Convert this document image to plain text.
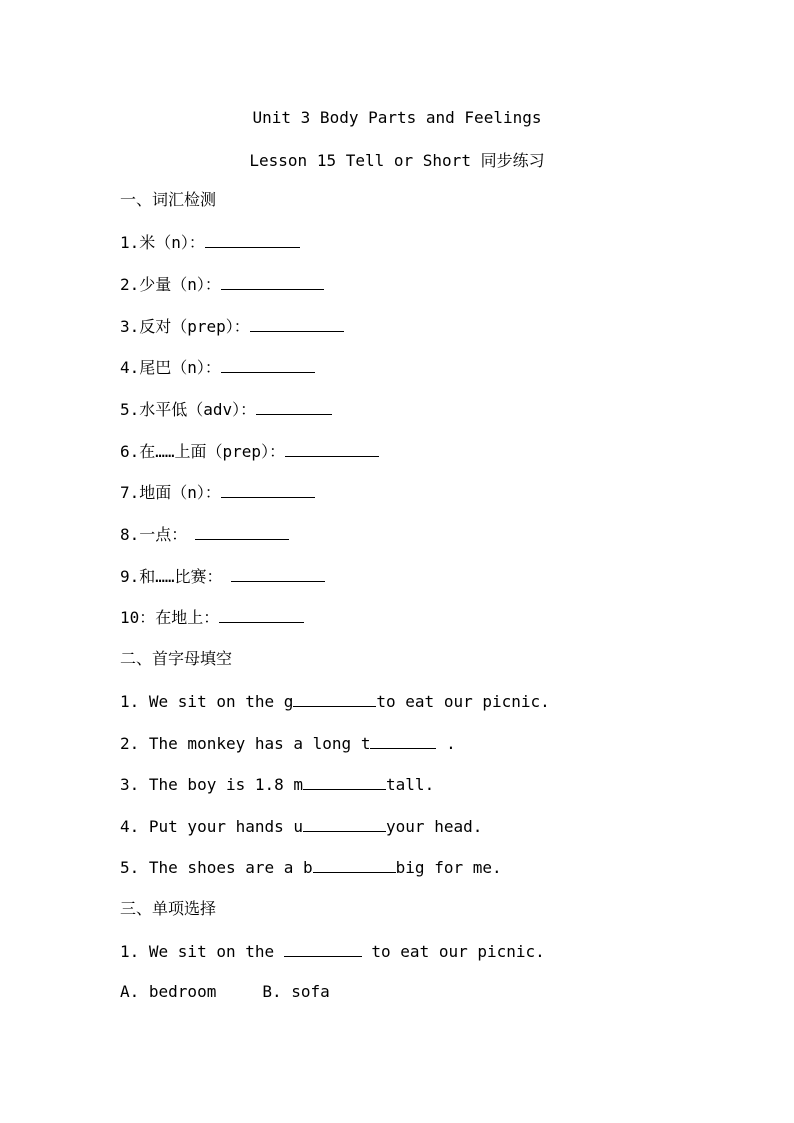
Unit 3 Body Parts and Feelings
Lesson 15 Tell or Short 同步练习
一、词汇检测
1.米（n）：
2.少量（n）：
3.反对（prep）：
4.尾巴（n）：
5.水平低（adv）：
6.在……上面（prep）：
7.地面（n）：
8.一点：
9.和……比赛：
10：在地上：
二、首字母填空
1. We sit on the g	to eat our picnic.
2. The monkey has a long t	.
3. The boy is 1.8 m	tall.
4. Put your hands u	your head.
5. The shoes are a b	big for me.
三、单项选择
1. We sit on the	to eat our picnic.
A. bedroom	B. sofa
